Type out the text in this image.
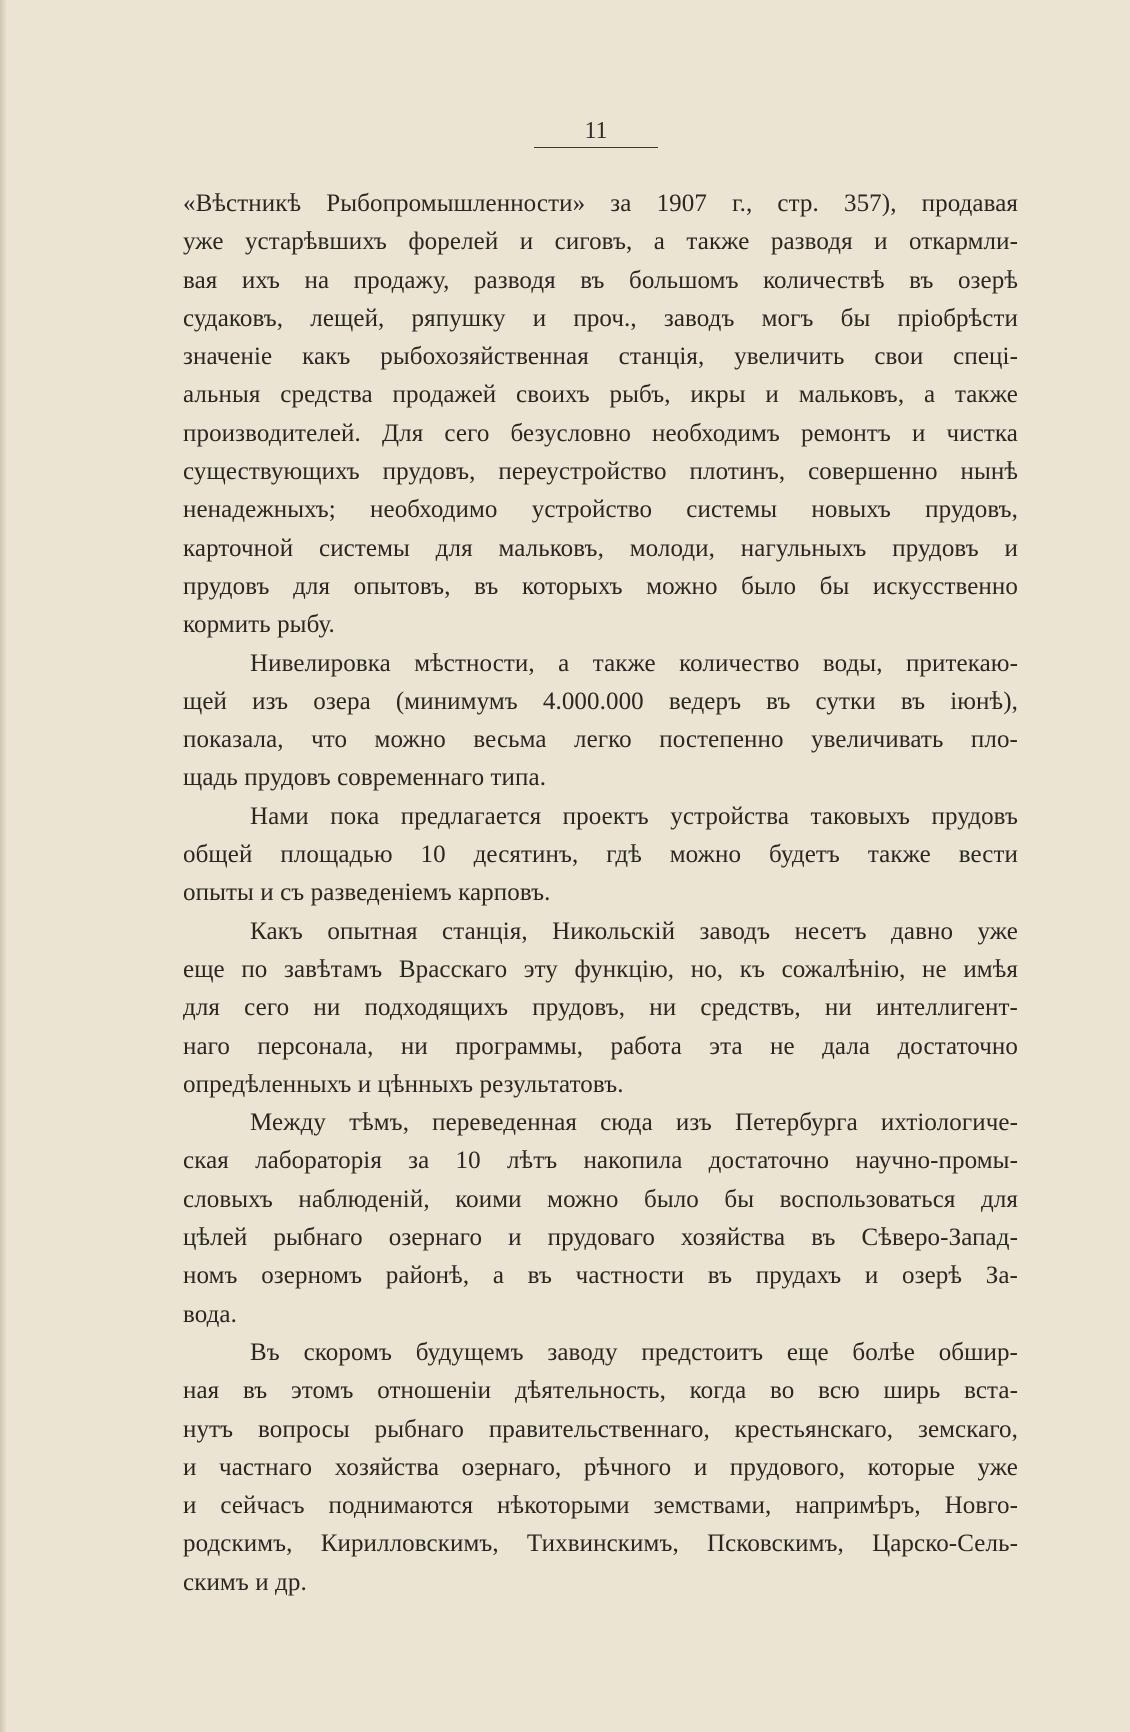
11
«Вѣстникѣ Рыбопромышленности» за 1907 г., стр. 357), продавая
уже устарѣвшихъ форелей и сиговъ, а также разводя и откармли-
вая ихъ на продажу, разводя въ большомъ количествѣ въ озерѣ
судаковъ, лещей, ряпушку и проч., заводъ могъ бы пріобрѣсти
значеніе какъ рыбохозяйственная станція, увеличить свои спеці-
альныя средства продажей своихъ рыбъ, икры и мальковъ, а также
производителей. Для сего безусловно необходимъ ремонтъ и чистка
существующихъ прудовъ, переустройство плотинъ, совершенно нынѣ
ненадежныхъ; необходимо устройство системы новыхъ прудовъ,
карточной системы для мальковъ, молоди, нагульныхъ прудовъ и
прудовъ для опытовъ, въ которыхъ можно было бы искусственно
кормить рыбу.
Нивелировка мѣстности, а также количество воды, притекаю-
щей изъ озера (минимумъ 4.000.000 ведеръ въ сутки въ іюнѣ),
показала, что можно весьма легко постепенно увеличивать пло-
щадь прудовъ современнаго типа.
Нами пока предлагается проектъ устройства таковыхъ прудовъ
общей площадью 10 десятинъ, гдѣ можно будетъ также вести
опыты и съ разведеніемъ карповъ.
Какъ опытная станція, Никольскій заводъ несетъ давно уже
еще по завѣтамъ Врасскаго эту функцію, но, къ сожалѣнію, не имѣя
для сего ни подходящихъ прудовъ, ни средствъ, ни интеллигент-
наго персонала, ни программы, работа эта не дала достаточно
опредѣленныхъ и цѣнныхъ результатовъ.
Между тѣмъ, переведенная сюда изъ Петербурга ихтіологиче-
ская лабораторія за 10 лѣтъ накопила достаточно научно-промы-
словыхъ наблюденій, коими можно было бы воспользоваться для
цѣлей рыбнаго озернаго и прудоваго хозяйства въ Сѣверо-Запад-
номъ озерномъ районѣ, а въ частности въ прудахъ и озерѣ За-
вода.
Въ скоромъ будущемъ заводу предстоитъ еще болѣе обшир-
ная въ этомъ отношеніи дѣятельность, когда во всю ширь вста-
нутъ вопросы рыбнаго правительственнаго, крестьянскаго, земскаго,
и частнаго хозяйства озернаго, рѣчного и прудового, которые уже
и сейчасъ поднимаются нѣкоторыми земствами, напримѣръ, Новго-
родскимъ, Кирилловскимъ, Тихвинскимъ, Псковскимъ, Царско-Сель-
скимъ и др.
